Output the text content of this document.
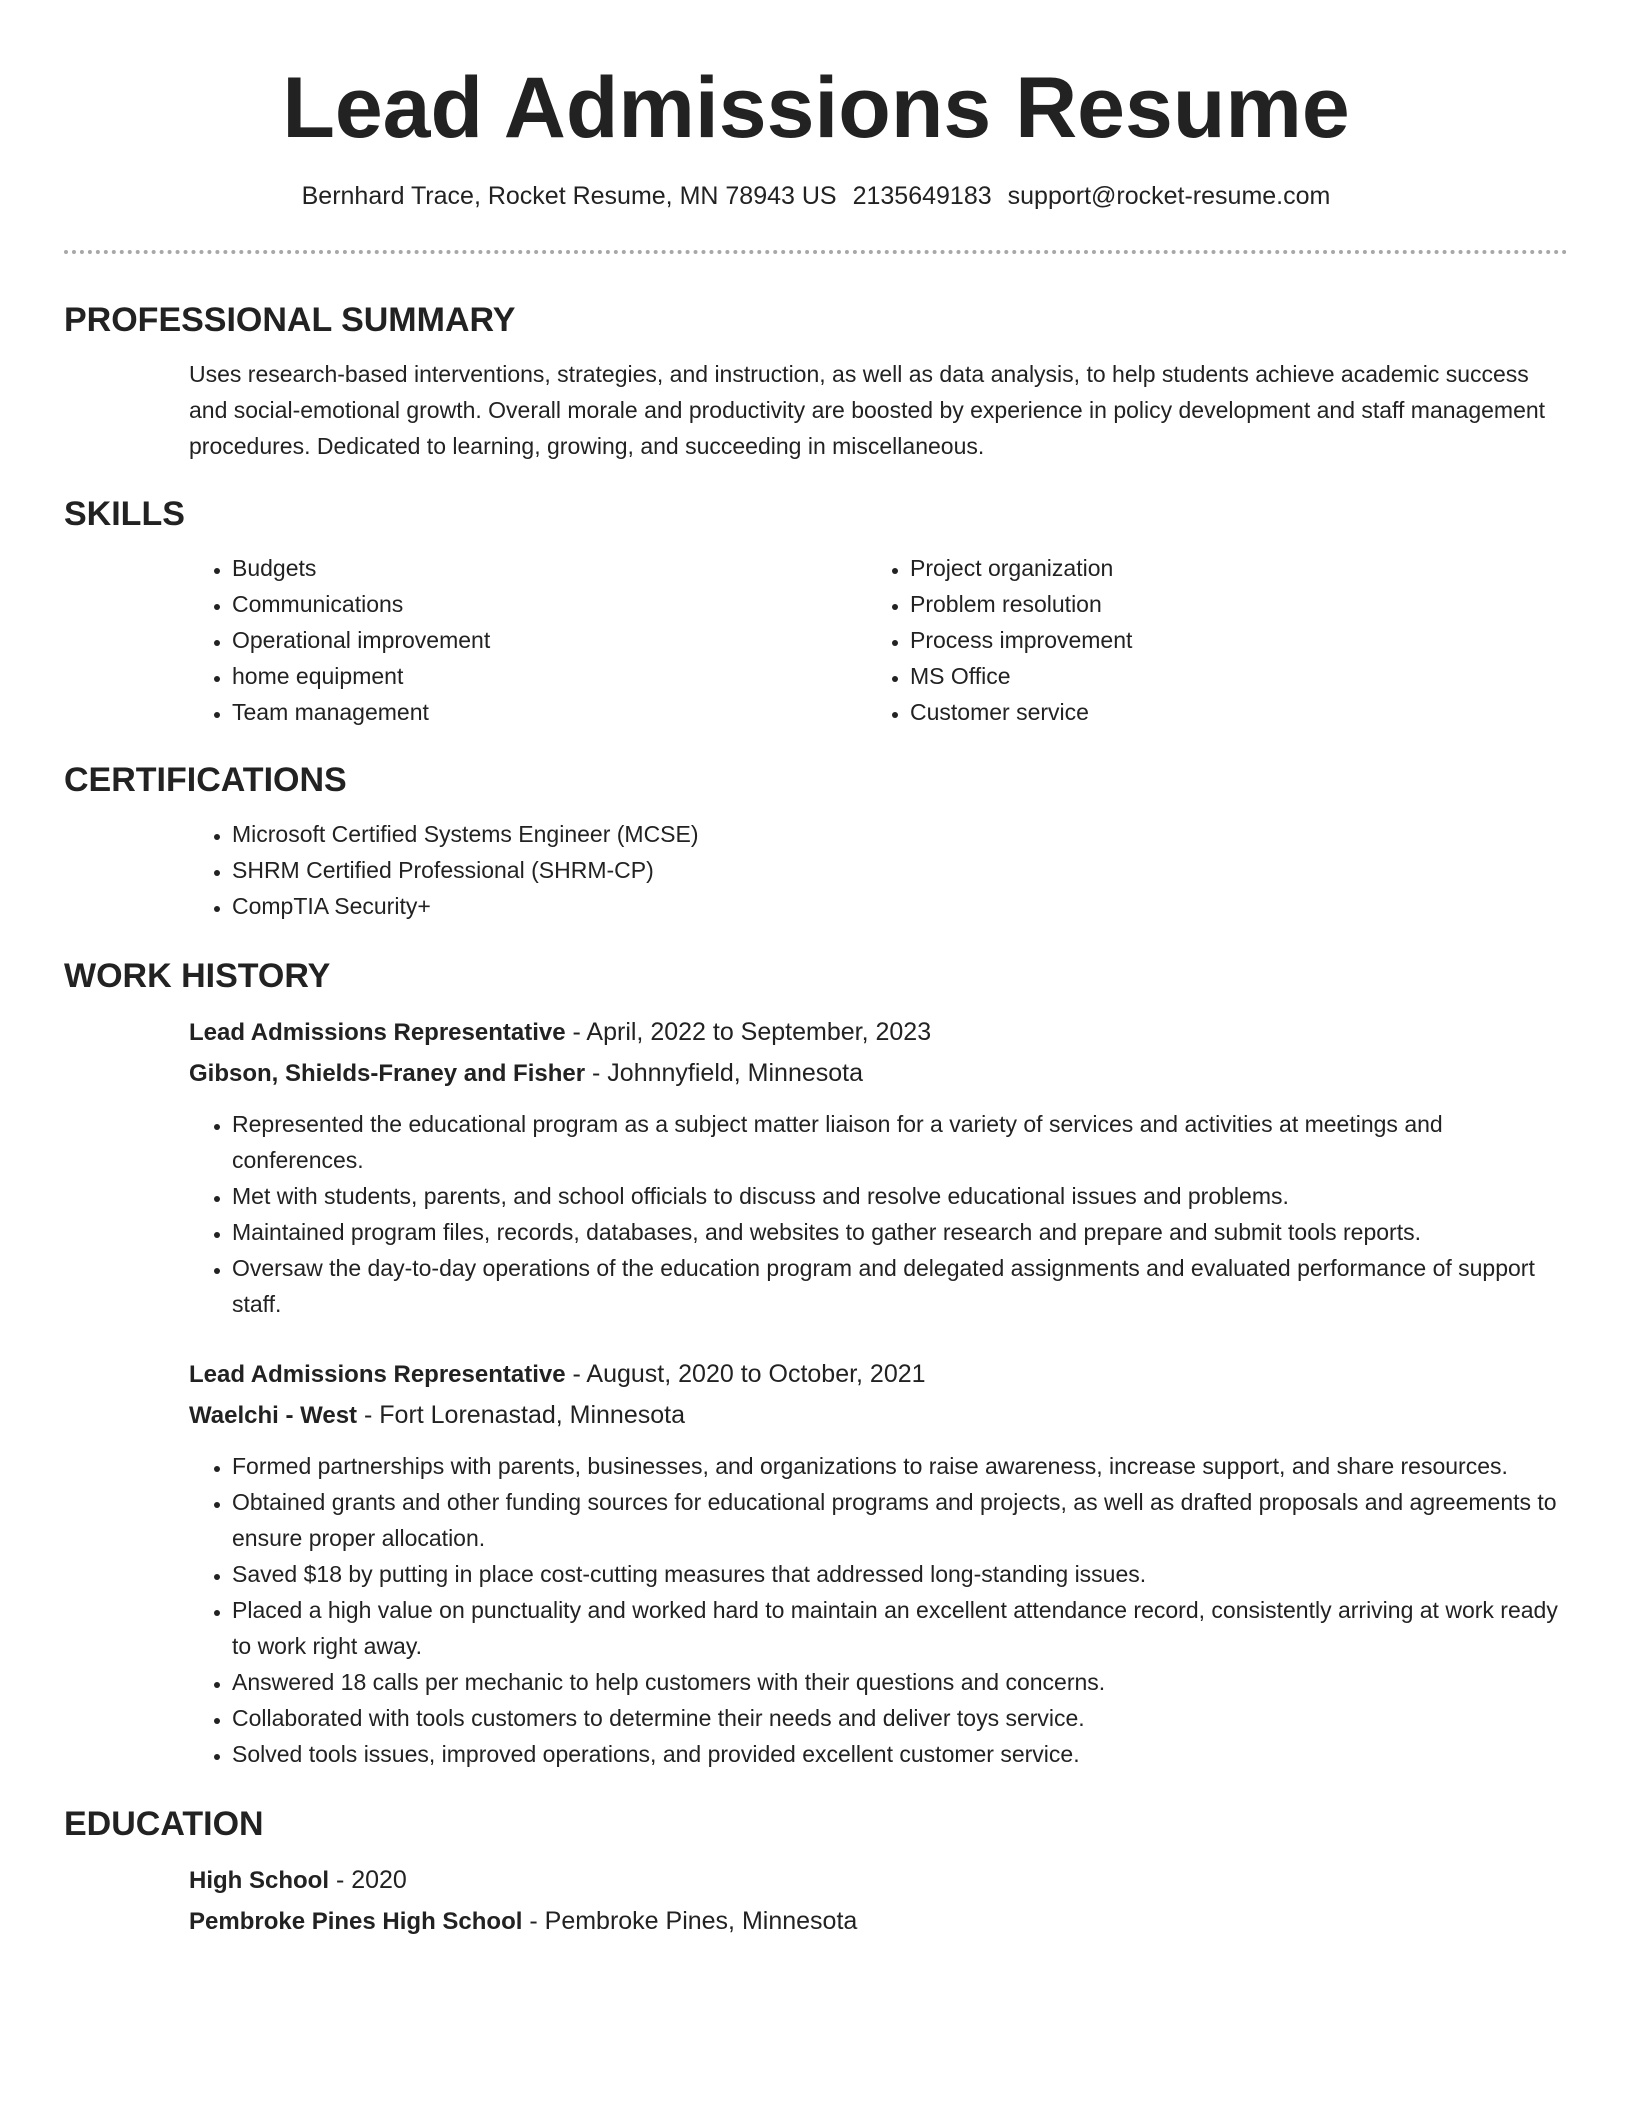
Lead Admissions Resume
Bernhard Trace, Rocket Resume, MN 78943 US 2135649183 support@rocket-resume.com
PROFESSIONAL SUMMARY

Uses research-based interventions, strategies, and instruction, as well as data analysis, to help students achieve academic success and social-emotional growth. Overall morale and productivity are boosted by experience in policy development and staff management procedures. Dedicated to learning, growing, and succeeding in miscellaneous.

SKILLS
• Budgets
• Communications
• Operational improvement
• home equipment
• Team management
• Project organization
• Problem resolution
• Process improvement
• MS Office
• Customer service
CERTIFICATIONS
• Microsoft Certified Systems Engineer (MCSE)
• SHRM Certified Professional (SHRM-CP)
• CompTIA Security+
WORK HISTORY

Lead Admissions Representative - April, 2022 to September, 2023

Gibson, Shields-Franey and Fisher - Johnnyfield, Minnesota

• Represented the educational program as a subject matter liaison for a variety of services and activities at meetings and conferences.
• Met with students, parents, and school officials to discuss and resolve educational issues and problems.
• Maintained program files, records, databases, and websites to gather research and prepare and submit tools reports.
• Oversaw the day-to-day operations of the education program and delegated assignments and evaluated performance of support staff.

Lead Admissions Representative - August, 2020 to October, 2021

Waelchi - West - Fort Lorenastad, Minnesota

• Formed partnerships with parents, businesses, and organizations to raise awareness, increase support, and share resources.
• Obtained grants and other funding sources for educational programs and projects, as well as drafted proposals and agreements to ensure proper allocation.
• Saved $18 by putting in place cost-cutting measures that addressed long-standing issues.
• Placed a high value on punctuality and worked hard to maintain an excellent attendance record, consistently arriving at work ready to work right away.
• Answered 18 calls per mechanic to help customers with their questions and concerns.
• Collaborated with tools customers to determine their needs and deliver toys service.
• Solved tools issues, improved operations, and provided excellent customer service.
EDUCATION

High School - 2020

Pembroke Pines High School - Pembroke Pines, Minnesota
